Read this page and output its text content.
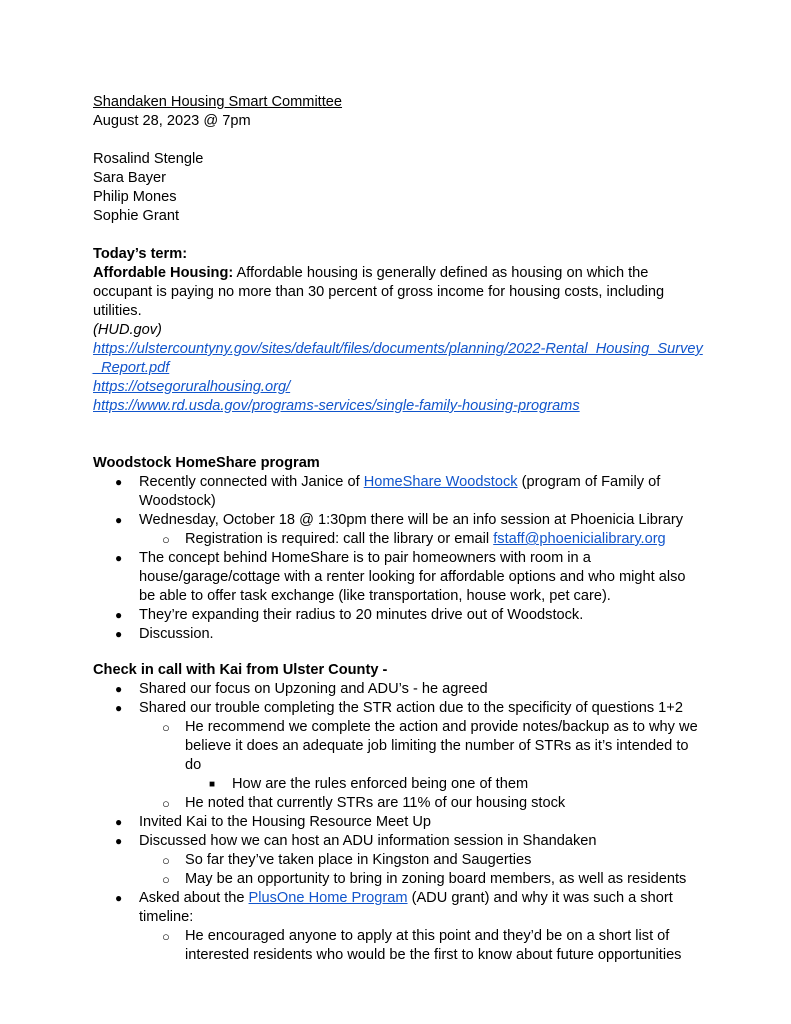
Shandaken Housing Smart Committee

August 28, 2023 @ 7pm

Rosalind Stengle

Sara Bayer

Philip Mones

Sophie Grant

Today’s term:

Affordable Housing: Affordable housing is generally defined as housing on which the occupant is paying no more than 30 percent of gross income for housing costs, including utilities.

(HUD.gov)

https://ulstercountyny.gov/sites/default/files/documents/planning/2022-Rental_Housing_Survey_Report.pdf

https://otsegoruralhousing.org/

https://www.rd.usda.gov/programs-services/single-family-housing-programs

Woodstock HomeShare program

● Recently connected with Janice of HomeShare Woodstock (program of Family of Woodstock)
● Wednesday, October 18 @ 1:30pm there will be an info session at Phoenicia Library
○ Registration is required: call the library or email fstaff@phoenicialibrary.org
● The concept behind HomeShare is to pair homeowners with room in a house/garage/cottage with a renter looking for affordable options and who might also be able to offer task exchange (like transportation, house work, pet care).
● They’re expanding their radius to 20 minutes drive out of Woodstock.
● Discussion.

Check in call with Kai from Ulster County -

● Shared our focus on Upzoning and ADU’s - he agreed
● Shared our trouble completing the STR action due to the specificity of questions 1+2
○ He recommend we complete the action and provide notes/backup as to why we believe it does an adequate job limiting the number of STRs as it’s intended to do
■ How are the rules enforced being one of them
○ He noted that currently STRs are 11% of our housing stock
● Invited Kai to the Housing Resource Meet Up
● Discussed how we can host an ADU information session in Shandaken
○ So far they’ve taken place in Kingston and Saugerties
○ May be an opportunity to bring in zoning board members, as well as residents
● Asked about the PlusOne Home Program (ADU grant) and why it was such a short timeline:
○ He encouraged anyone to apply at this point and they’d be on a short list of interested residents who would be the first to know about future opportunities
